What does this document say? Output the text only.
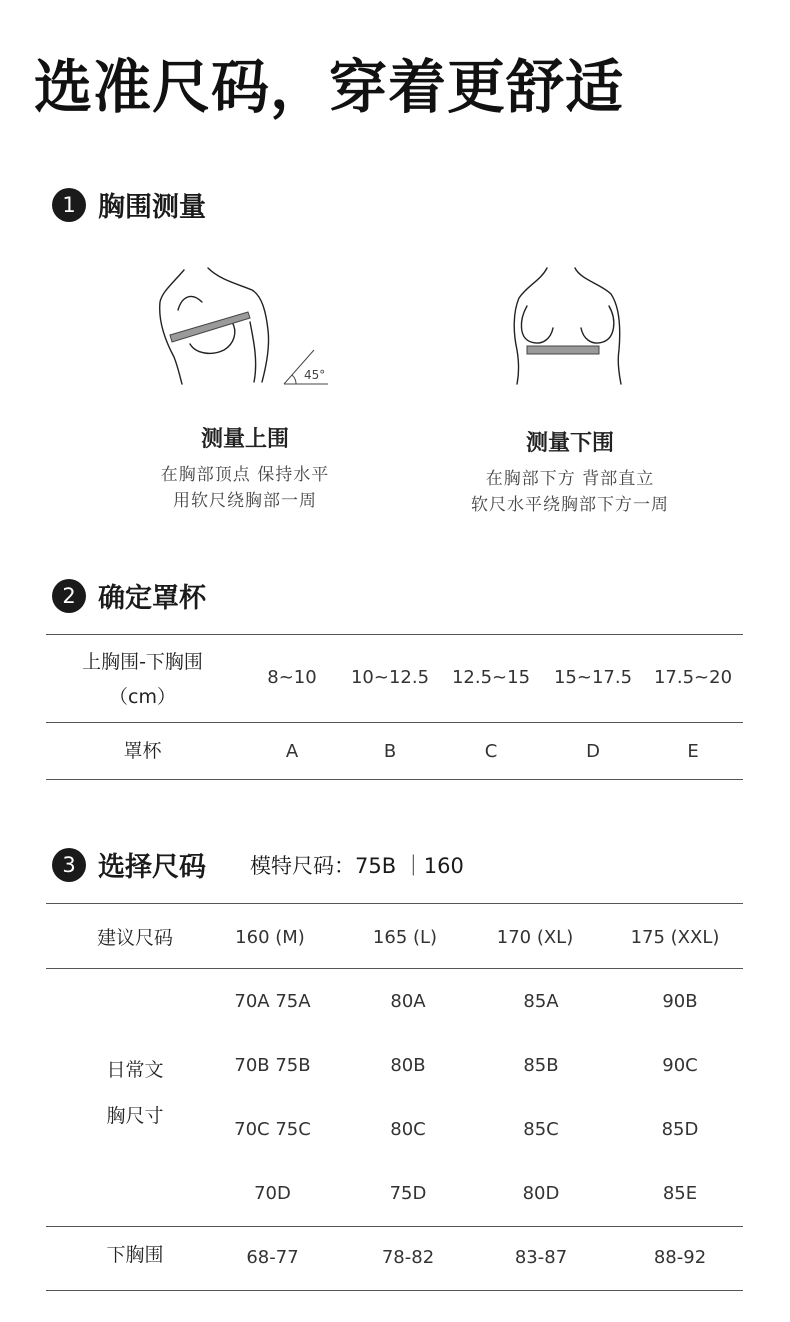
选准尺码，穿着更舒适
1 胸围测量
45°
测量上围
在胸部顶点 保持水平
用软尺绕胸部一周
测量下围
在胸部下方 背部直立
软尺水平绕胸部下方一周
2 确定罩杯
上胸围-下胸围
（cm）
8~10	10~12.5	12.5~15	15~17.5	17.5~20
罩杯	A	B	C	D	E
3 选择尺码 模特尺码：75B ｜160
建议尺码	160 (M)	165 (L)	170 (XL)	175 (XXL)
日常文
胸尺寸
70A 75A	80A	85A	90B
70B 75B	80B	85B	90C
70C 75C	80C	85C	85D
70D	75D	80D	85E
下胸围	68-77	78-82	83-87	88-92
